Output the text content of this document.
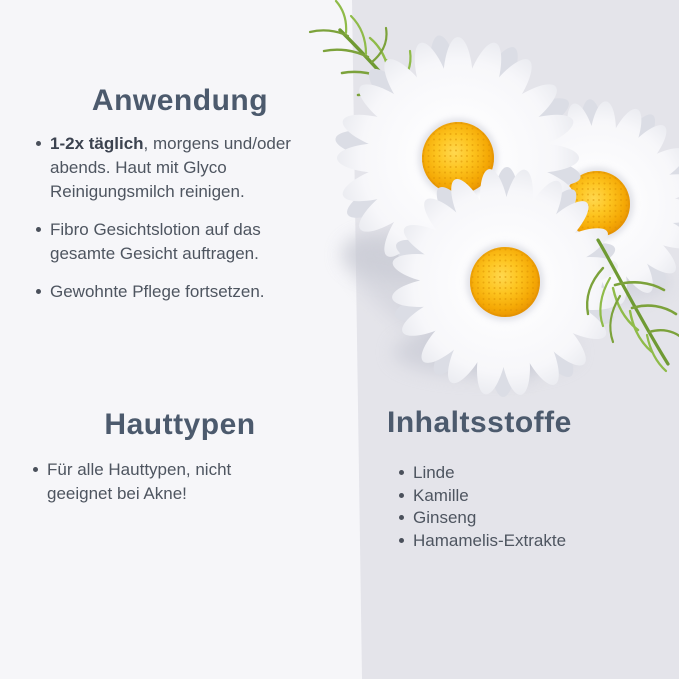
Anwendung
1-2x täglich, morgens und/oder abends. Haut mit Glyco Reinigungsmilch reinigen.
Fibro Gesichtslotion auf das gesamte Gesicht auftragen.
Gewohnte Pflege fortsetzen.
Hauttypen
Für alle Hauttypen, nicht geeignet bei Akne!
Inhaltsstoffe
Linde
Kamille
Ginseng
Hamamelis-Extrakte
